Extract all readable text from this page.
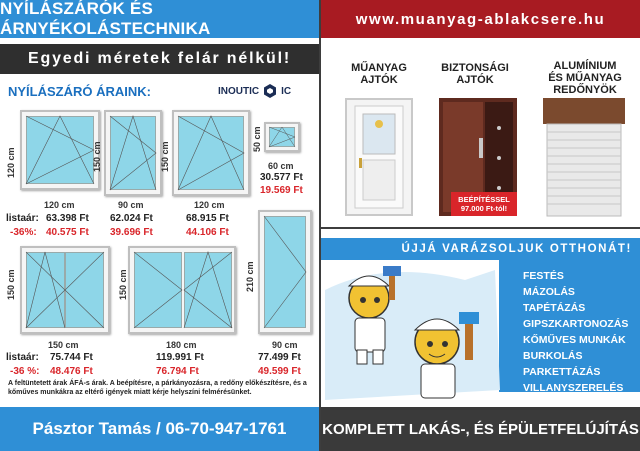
NYÍLÁSZÁRÓK ÉS ÁRNYÉKOLÁSTECHNIKA
Egyedi méretek felár nélkül!
NYÍLÁSZÁRÓ ÁRAINK:	INOUTIC IC
120 cm
120 cm
150 cm
90 cm
150 cm
120 cm
50 cm
60 cm
30.577 Ft
19.569 Ft
listaár:
-36%:
63.398 Ft
40.575 Ft
62.024 Ft
39.696 Ft
68.915 Ft
44.106 Ft
150 cm
150 cm
150 cm
180 cm
210 cm
90 cm
listaár:
-36 %:
75.744 Ft
48.476 Ft
119.991 Ft
76.794 Ft
77.499 Ft
49.599 Ft
A feltüntetett árak ÁFÁ-s árak. A beépítésre, a párkányozásra, a redőny előkészítésre, és a kőműves munkákra az eltérő igények miatt kérje helyszíni felmérésünket.
Pásztor Tamás / 06-70-947-1761
www.muanyag-ablakcsere.hu
MŰANYAG
AJTÓK
BIZTONSÁGI
AJTÓK
ALUMÍNIUM
ÉS MŰANYAG
REDŐNYÖK
BEÉPÍTÉSSEL
97.000 Ft-tól!
ÚJJÁ VARÁZSOLJUK OTTHONÁT!
FESTÉS
MÁZOLÁS
TAPÉTÁZÁS
GIPSZKARTONOZÁS
KŐMŰVES MUNKÁK
BURKOLÁS
PARKETTÁZÁS
VILLANYSZERELÉS
KOMPLETT LAKÁS-, ÉS ÉPÜLETFELÚJÍTÁS
